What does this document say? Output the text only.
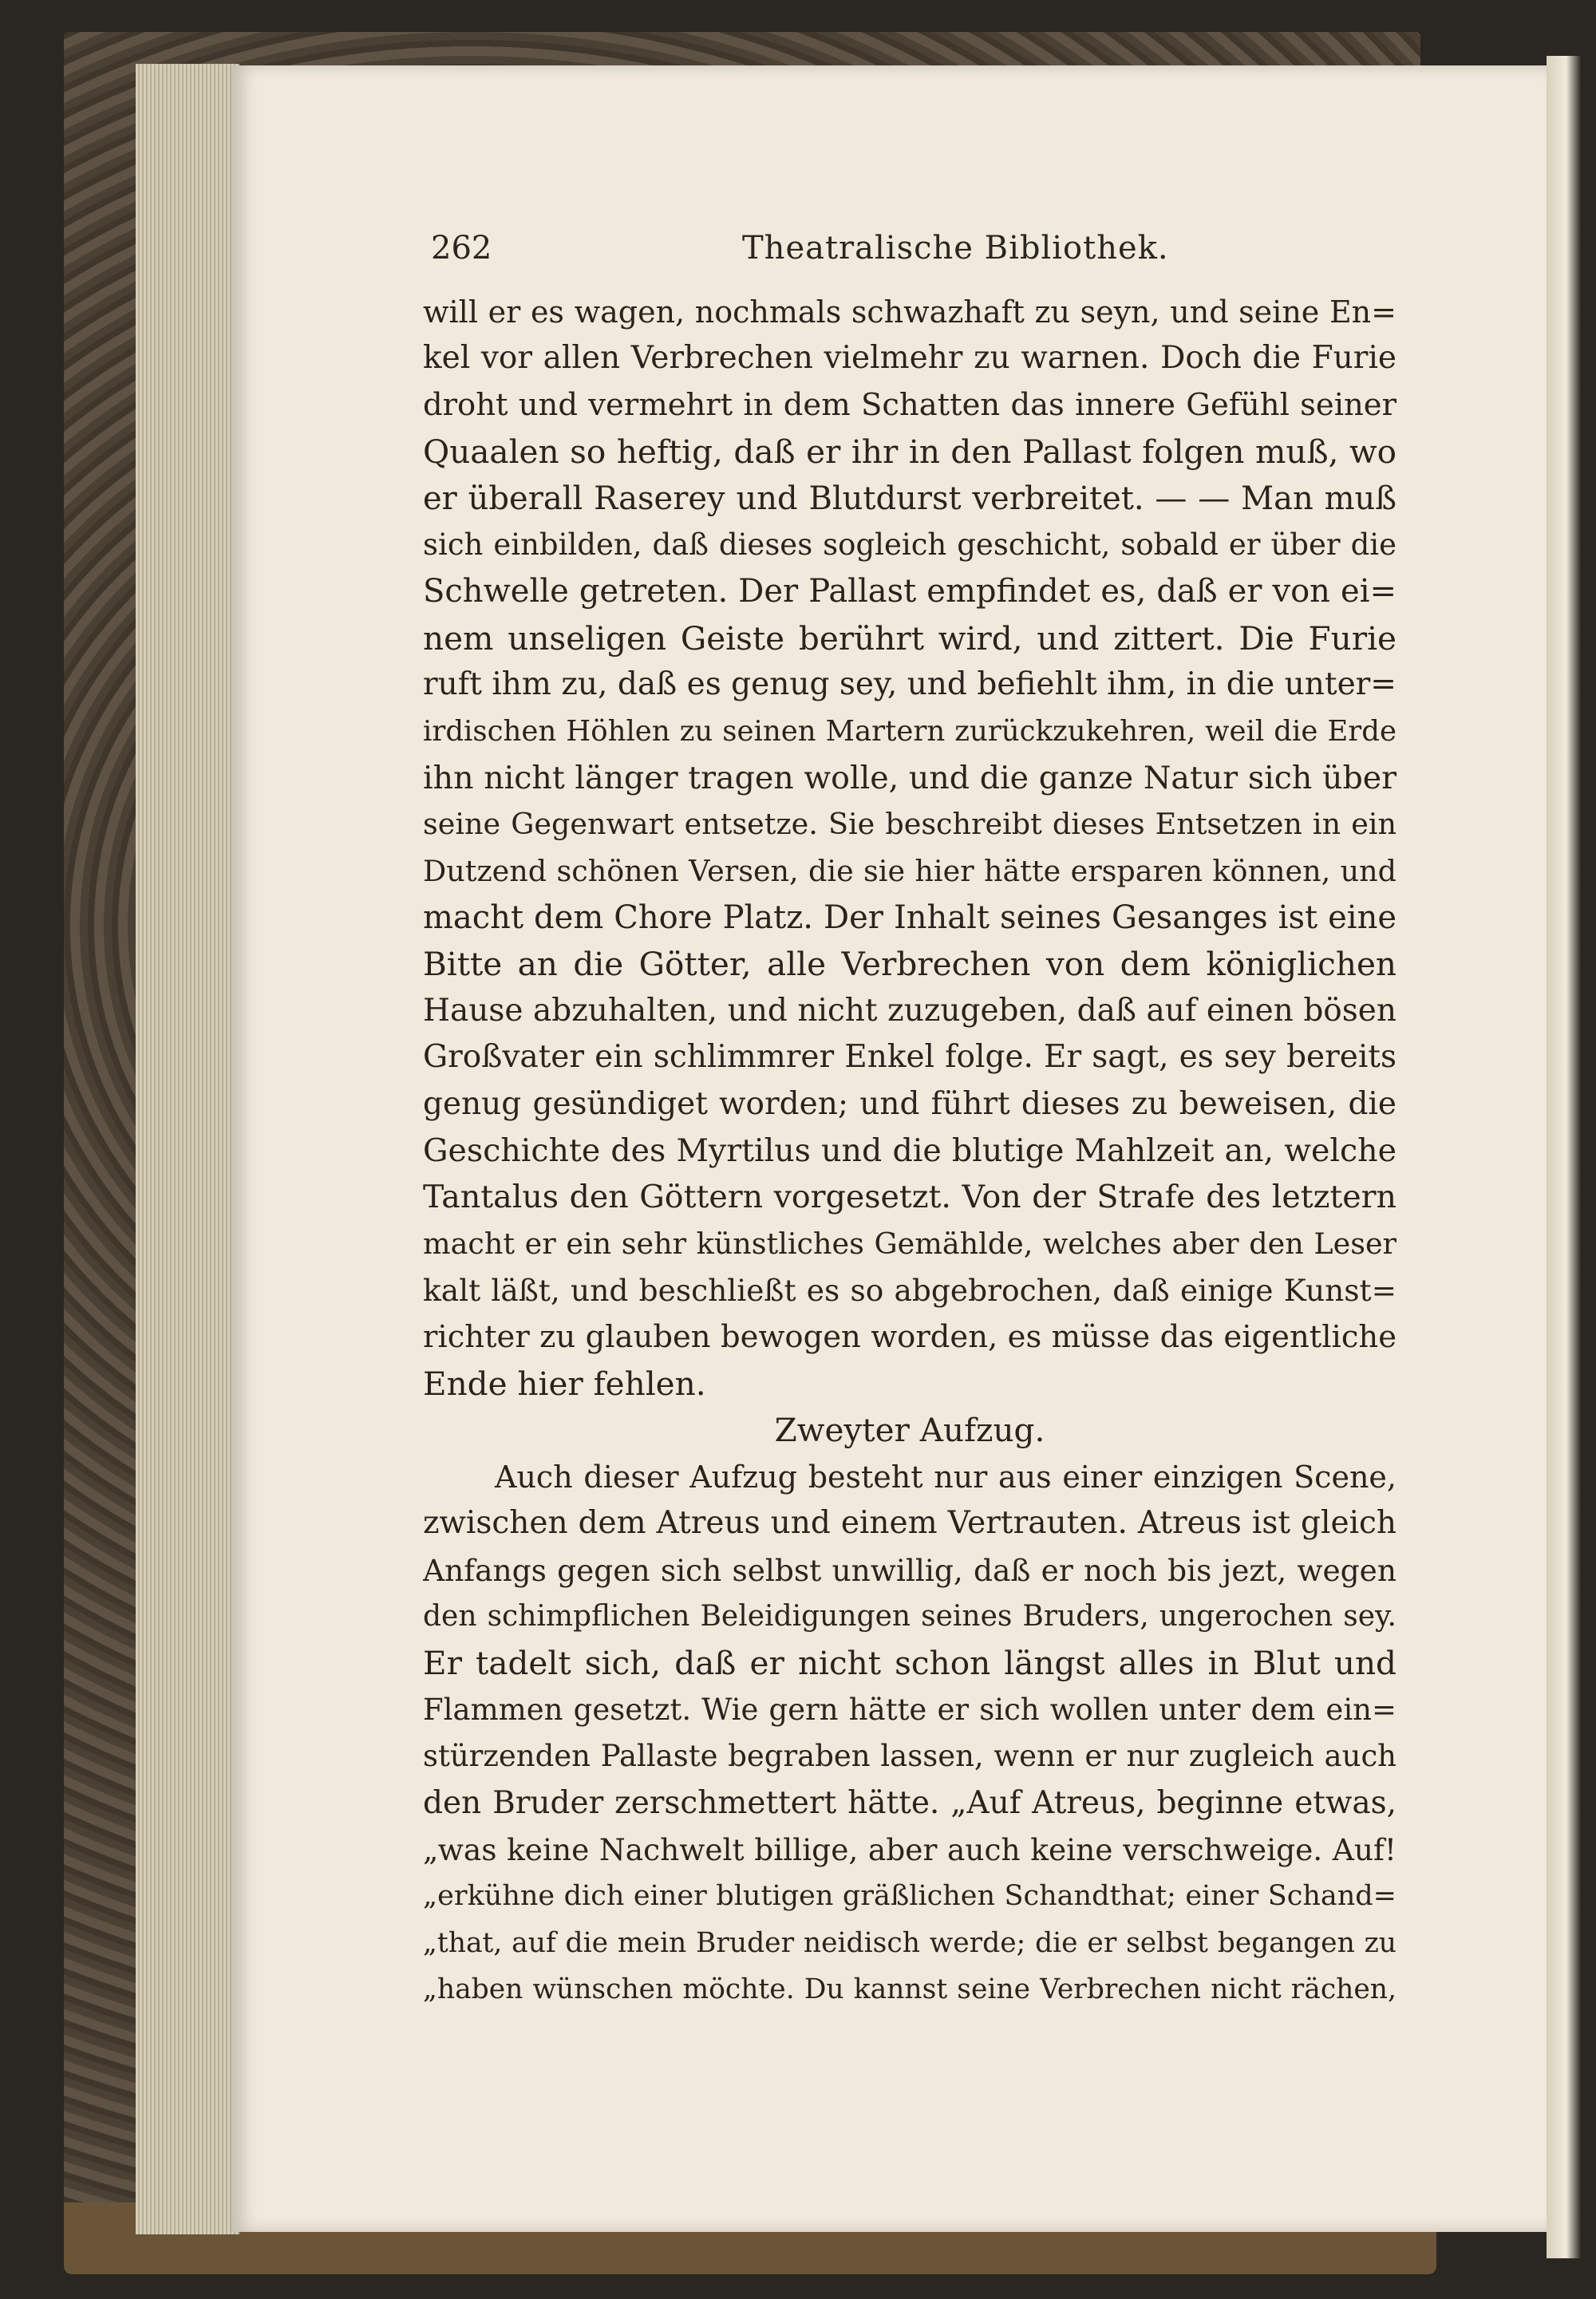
262	Theatralische Bibliothek.
will er es wagen, nochmals schwazhaft zu seyn, und seine En=
kel vor allen Verbrechen vielmehr zu warnen. Doch die Furie
droht und vermehrt in dem Schatten das innere Gefühl seiner
Quaalen so heftig, daß er ihr in den Pallast folgen muß, wo
er überall Raserey und Blutdurst verbreitet. — — Man muß
sich einbilden, daß dieses sogleich geschicht, sobald er über die
Schwelle getreten. Der Pallast empfindet es, daß er von ei=
nem unseligen Geiste berührt wird, und zittert. Die Furie
ruft ihm zu, daß es genug sey, und befiehlt ihm, in die unter=
irdischen Höhlen zu seinen Martern zurückzukehren, weil die Erde
ihn nicht länger tragen wolle, und die ganze Natur sich über
seine Gegenwart entsetze. Sie beschreibt dieses Entsetzen in ein
Dutzend schönen Versen, die sie hier hätte ersparen können, und
macht dem Chore Platz. Der Inhalt seines Gesanges ist eine
Bitte an die Götter, alle Verbrechen von dem königlichen
Hause abzuhalten, und nicht zuzugeben, daß auf einen bösen
Großvater ein schlimmrer Enkel folge. Er sagt, es sey bereits
genug gesündiget worden; und führt dieses zu beweisen, die
Geschichte des Myrtilus und die blutige Mahlzeit an, welche
Tantalus den Göttern vorgesetzt. Von der Strafe des letztern
macht er ein sehr künstliches Gemählde, welches aber den Leser
kalt läßt, und beschließt es so abgebrochen, daß einige Kunst=
richter zu glauben bewogen worden, es müsse das eigentliche
Ende hier fehlen.
Zweyter Aufzug.
Auch dieser Aufzug besteht nur aus einer einzigen Scene,
zwischen dem Atreus und einem Vertrauten. Atreus ist gleich
Anfangs gegen sich selbst unwillig, daß er noch bis jezt, wegen
den schimpflichen Beleidigungen seines Bruders, ungerochen sey.
Er tadelt sich, daß er nicht schon längst alles in Blut und
Flammen gesetzt. Wie gern hätte er sich wollen unter dem ein=
stürzenden Pallaste begraben lassen, wenn er nur zugleich auch
den Bruder zerschmettert hätte. „Auf Atreus, beginne etwas,
„was keine Nachwelt billige, aber auch keine verschweige. Auf!
„erkühne dich einer blutigen gräßlichen Schandthat; einer Schand=
„that, auf die mein Bruder neidisch werde; die er selbst begangen zu
„haben wünschen möchte. Du kannst seine Verbrechen nicht rächen,
